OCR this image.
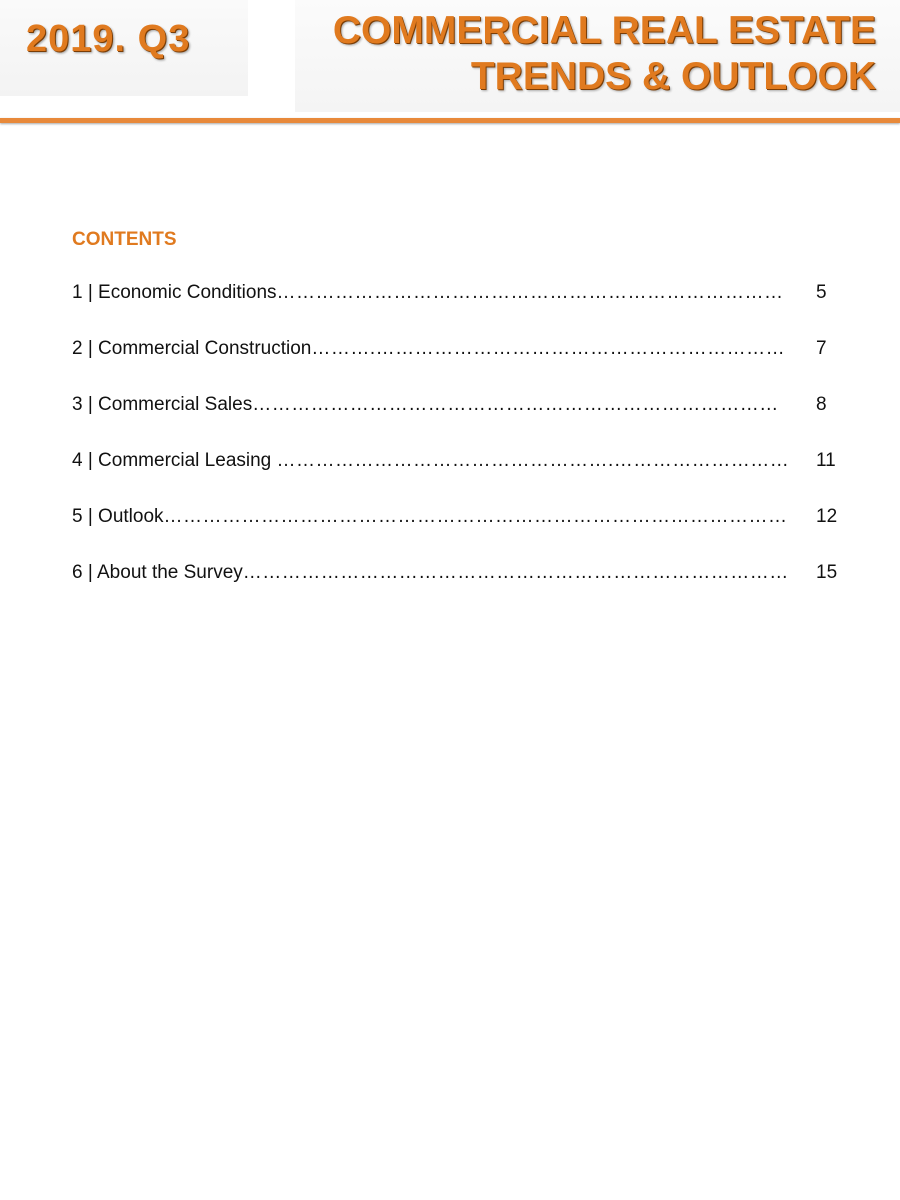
2019. Q3	COMMERCIAL REAL ESTATE
TRENDS & OUTLOOK
CONTENTS
1 | Economic Conditions…………………………………………………………………… 5
2 | Commercial Construction……….……………………………………………………… 7
3 | Commercial Sales……………………………………………………………………… 8
4 | Commercial Leasing …………………………………………….……………………… 11
5 | Outlook…………………………………………………………………………………… 12
6 | About the Survey………………………………………………………………………… 15
